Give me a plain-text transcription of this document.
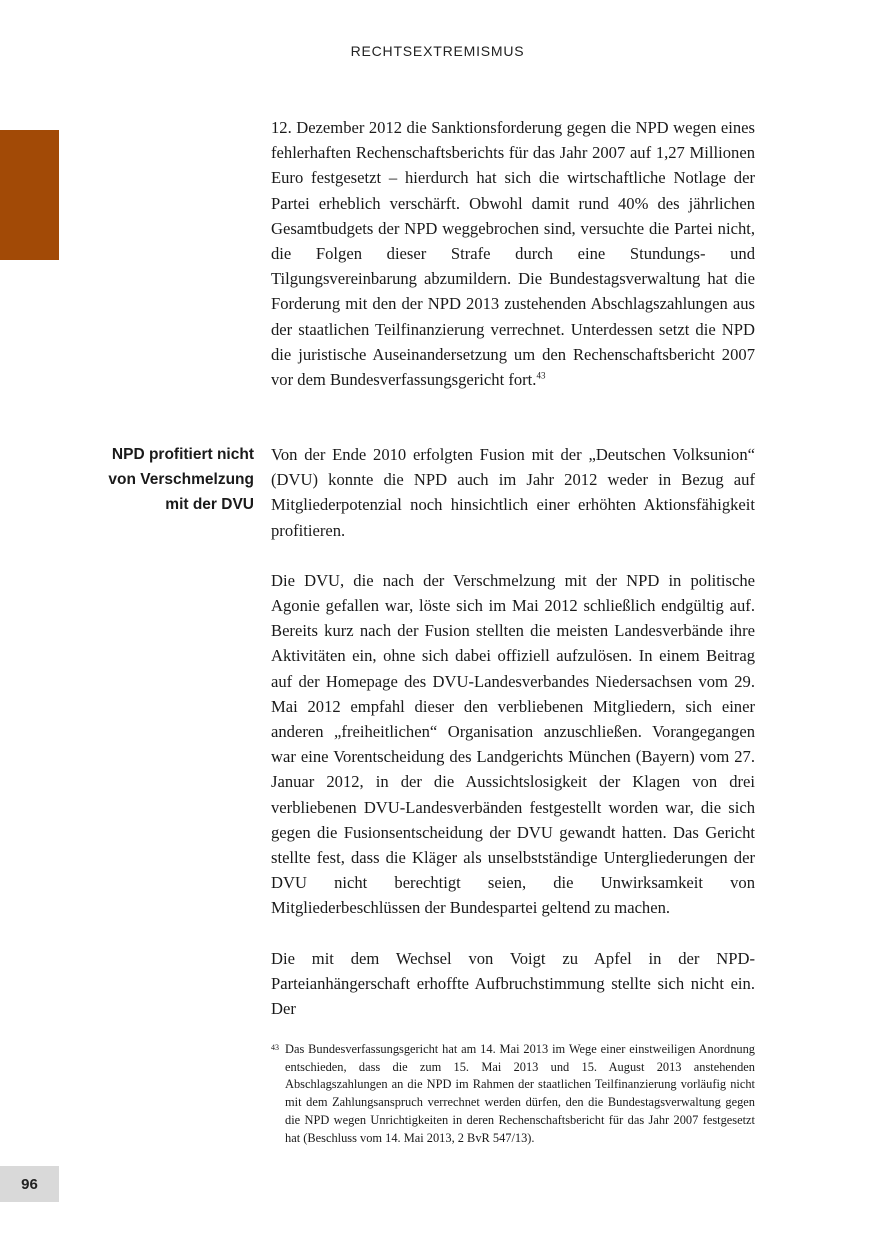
RECHTSEXTREMISMUS

12. Dezember 2012 die Sanktionsforderung gegen die NPD wegen eines fehlerhaften Rechenschaftsberichts für das Jahr 2007 auf 1,27 Millionen Euro festgesetzt – hierdurch hat sich die wirtschaftliche Notlage der Partei erheblich verschärft. Obwohl damit rund 40% des jährlichen Gesamtbudgets der NPD weggebrochen sind, versuchte die Partei nicht, die Folgen dieser Strafe durch eine Stundungs- und Tilgungsvereinbarung abzumildern. Die Bundestagsverwaltung hat die Forderung mit den der NPD 2013 zustehenden Abschlagszahlungen aus der staatlichen Teilfinanzierung verrechnet. Unterdessen setzt die NPD die juristische Auseinandersetzung um den Rechenschaftsbericht 2007 vor dem Bundesverfassungsgericht fort.$^{43}$

NPD profitiert nicht
von Verschmelzung
mit der DVU

Von der Ende 2010 erfolgten Fusion mit der „Deutschen Volksunion“ (DVU) konnte die NPD auch im Jahr 2012 weder in Bezug auf Mitgliederpotenzial noch hinsichtlich einer erhöhten Aktionsfähigkeit profitieren.

Die DVU, die nach der Verschmelzung mit der NPD in politische Agonie gefallen war, löste sich im Mai 2012 schließlich endgültig auf. Bereits kurz nach der Fusion stellten die meisten Landesverbände ihre Aktivitäten ein, ohne sich dabei offiziell aufzulösen. In einem Beitrag auf der Homepage des DVU-Landesverbandes Niedersachsen vom 29. Mai 2012 empfahl dieser den verbliebenen Mitgliedern, sich einer anderen „freiheitlichen“ Organisation anzuschließen. Vorangegangen war eine Vorentscheidung des Landgerichts München (Bayern) vom 27. Januar 2012, in der die Aussichtslosigkeit der Klagen von drei verbliebenen DVU-Landesverbänden festgestellt worden war, die sich gegen die Fusionsentscheidung der DVU gewandt hatten. Das Gericht stellte fest, dass die Kläger als unselbstständige Untergliederungen der DVU nicht berechtigt seien, die Unwirksamkeit von Mitgliederbeschlüssen der Bundespartei geltend zu machen.

Die mit dem Wechsel von Voigt zu Apfel in der NPD-Parteianhängerschaft erhoffte Aufbruchstimmung stellte sich nicht ein. Der

43 Das Bundesverfassungsgericht hat am 14. Mai 2013 im Wege einer einstweiligen Anordnung entschieden, dass die zum 15. Mai 2013 und 15. August 2013 anstehenden Abschlagszahlungen an die NPD im Rahmen der staatlichen Teilfinanzierung vorläufig nicht mit dem Zahlungsanspruch verrechnet werden dürfen, den die Bundestagsverwaltung gegen die NPD wegen Unrichtigkeiten in deren Rechenschaftsbericht für das Jahr 2007 festgesetzt hat (Beschluss vom 14. Mai 2013, 2 BvR 547/13).
96
